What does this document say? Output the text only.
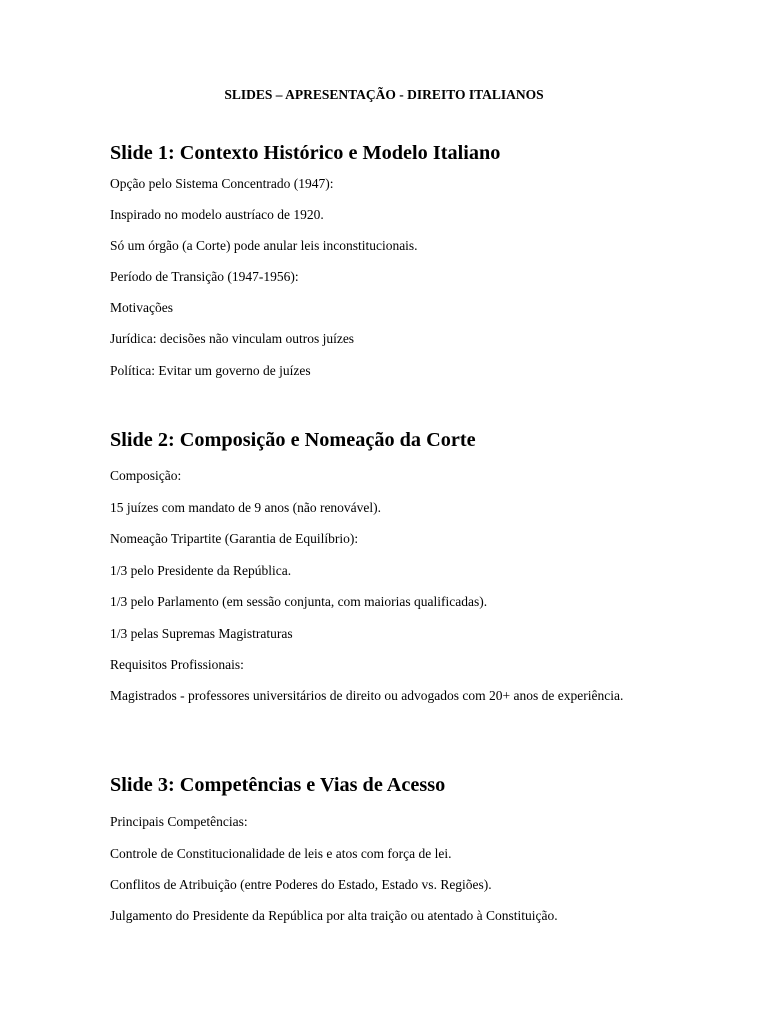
SLIDES – APRESENTAÇÃO - DIREITO ITALIANOS
Slide 1: Contexto Histórico e Modelo Italiano

Opção pelo Sistema Concentrado (1947):

Inspirado no modelo austríaco de 1920.

Só um órgão (a Corte) pode anular leis inconstitucionais.

Período de Transição (1947-1956):

Motivações

Jurídica: decisões não vinculam outros juízes

Política: Evitar um governo de juízes

Slide 2: Composição e Nomeação da Corte

Composição:

15 juízes com mandato de 9 anos (não renovável).

Nomeação Tripartite (Garantia de Equilíbrio):

1/3 pelo Presidente da República.

1/3 pelo Parlamento (em sessão conjunta, com maiorias qualificadas).

1/3 pelas Supremas Magistraturas

Requisitos Profissionais:

Magistrados - professores universitários de direito ou advogados com 20+ anos de experiência.

Slide 3: Competências e Vias de Acesso

Principais Competências:

Controle de Constitucionalidade de leis e atos com força de lei.

Conflitos de Atribuição (entre Poderes do Estado, Estado vs. Regiões).

Julgamento do Presidente da República por alta traição ou atentado à Constituição.
